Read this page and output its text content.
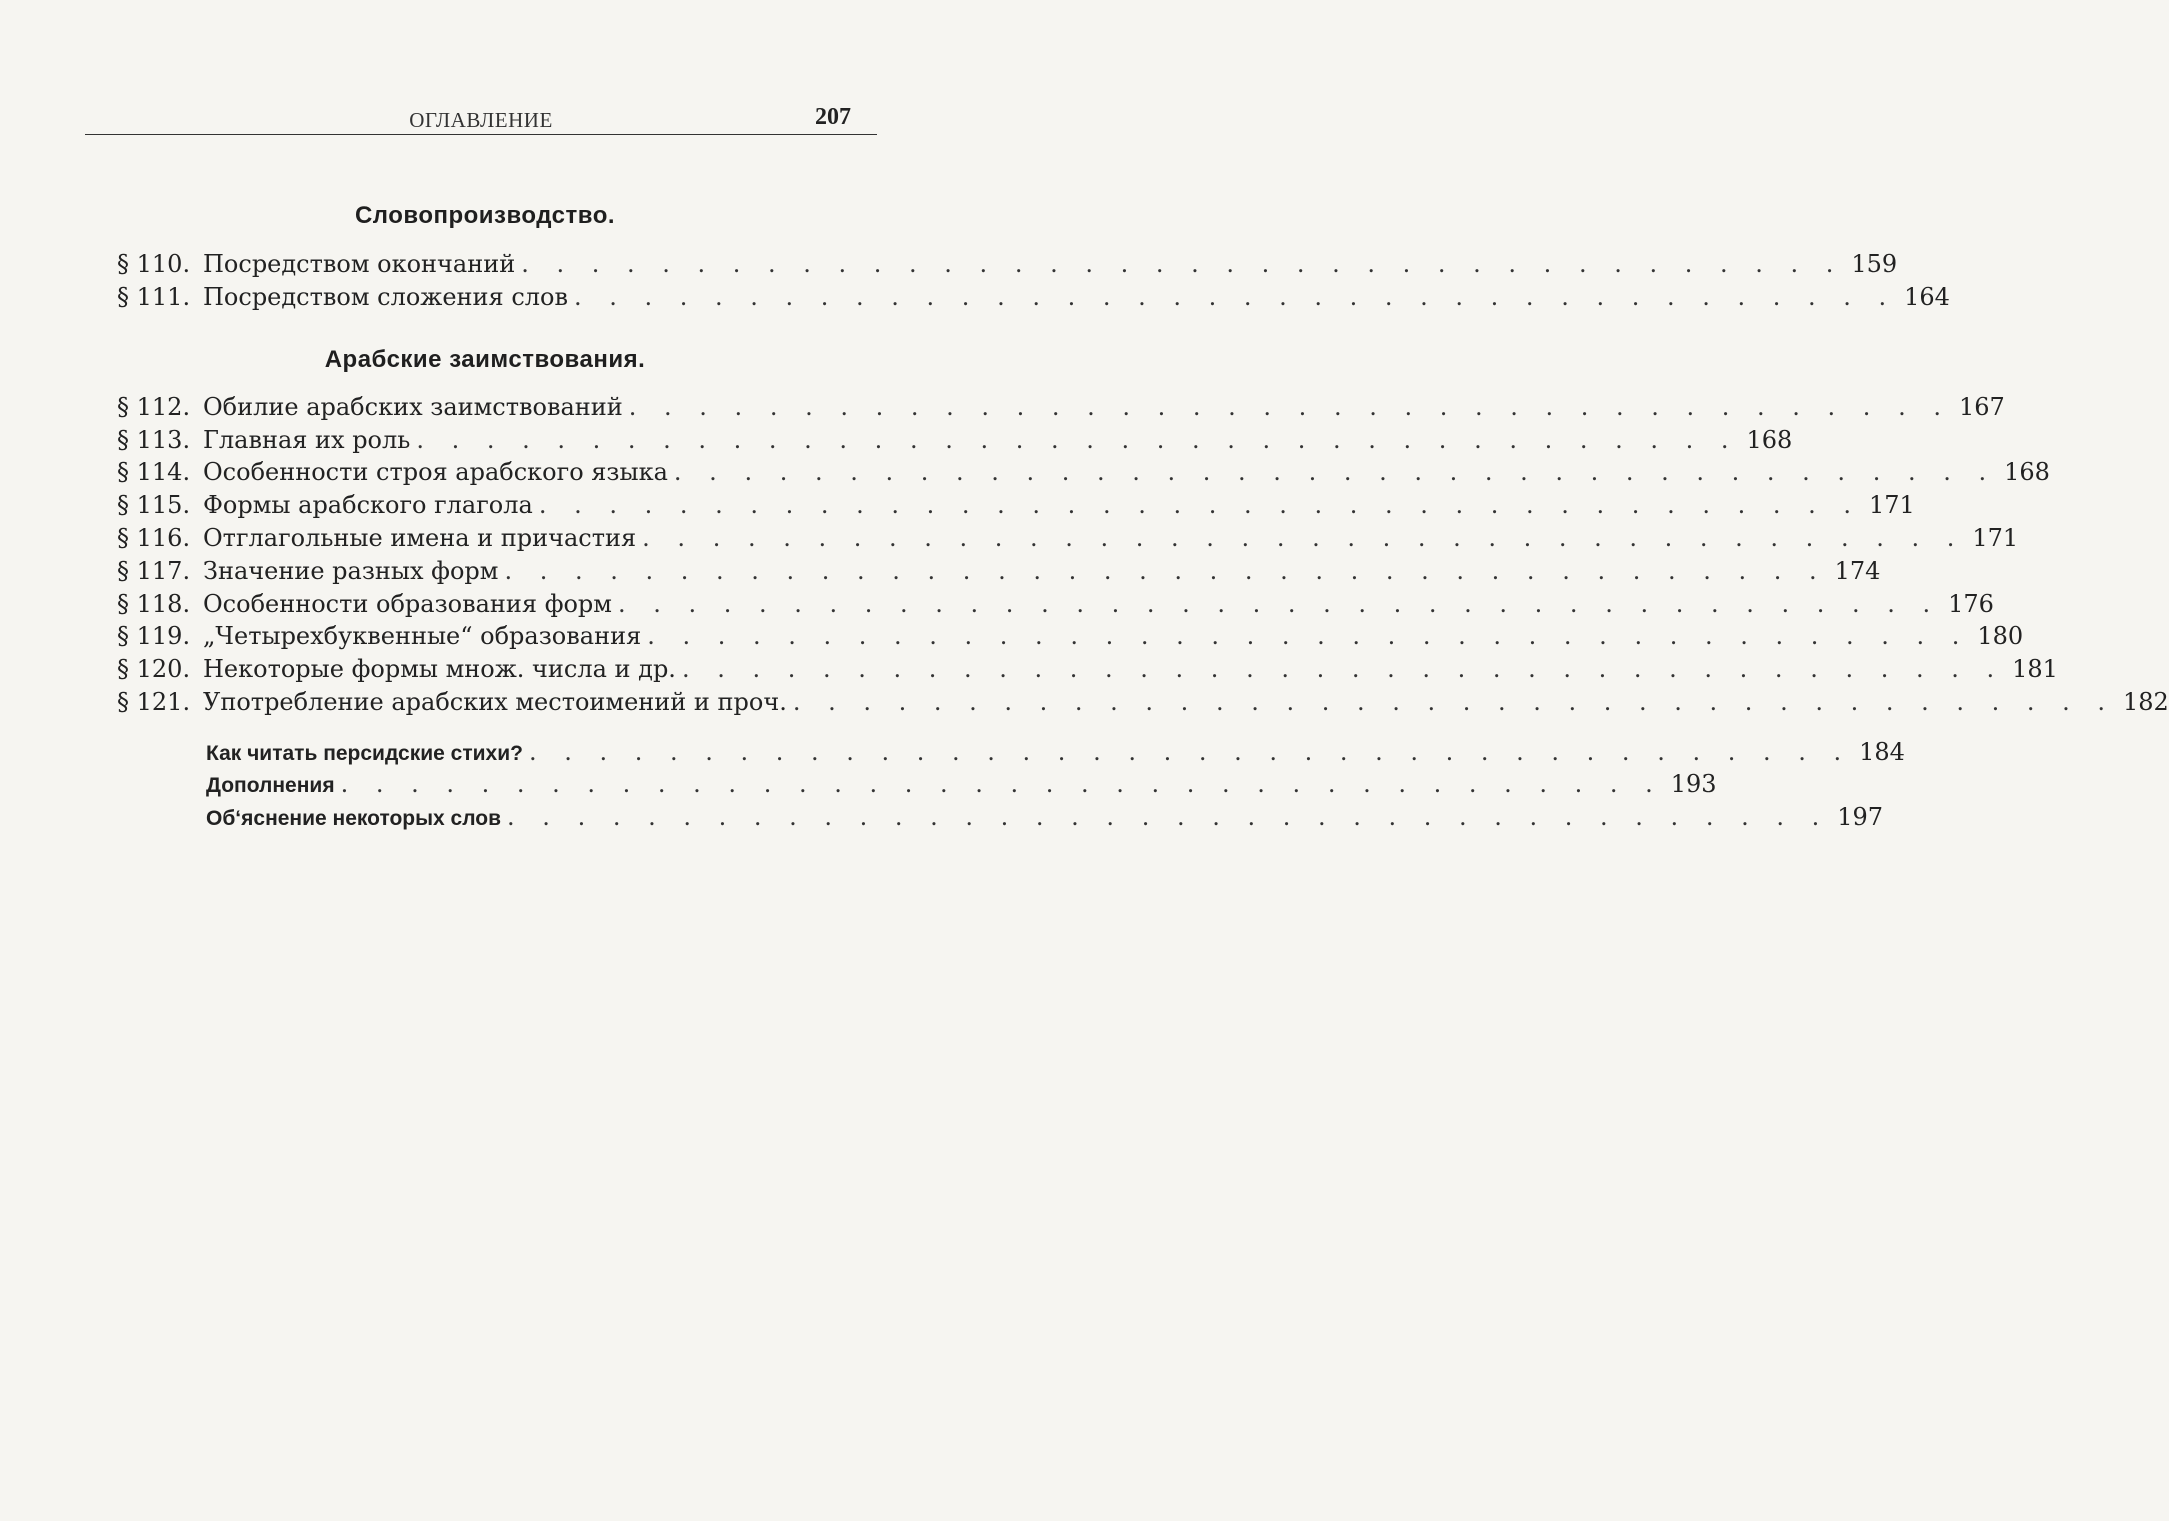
ОГЛАВЛЕНИЕ	207
Словопроизводство.
§ 110. Посредством окончаний . . . . . . . . . . . . . . . . . . . . . . . . . . . . . . . . . . . . . . 159
§ 111. Посредством сложения слов . . . . . . . . . . . . . . . . . . . . . . . . . . . . . . . . . . . . . . 164
Арабские заимствования.
§ 112. Обилие арабских заимствований . . . . . . . . . . . . . . . . . . . . . . . . . . . . . . . . . . . . . . 167
§ 113. Главная их роль . . . . . . . . . . . . . . . . . . . . . . . . . . . . . . . . . . . . . . 168
§ 114. Особенности строя арабского языка . . . . . . . . . . . . . . . . . . . . . . . . . . . . . . . . . . . . . . 168
§ 115. Формы арабского глагола . . . . . . . . . . . . . . . . . . . . . . . . . . . . . . . . . . . . . . 171
§ 116. Отглагольные имена и причастия . . . . . . . . . . . . . . . . . . . . . . . . . . . . . . . . . . . . . . 171
§ 117. Значение разных форм . . . . . . . . . . . . . . . . . . . . . . . . . . . . . . . . . . . . . . 174
§ 118. Особенности образования форм . . . . . . . . . . . . . . . . . . . . . . . . . . . . . . . . . . . . . . 176
§ 119. „Четырехбуквенные“ образования . . . . . . . . . . . . . . . . . . . . . . . . . . . . . . . . . . . . . . 180
§ 120. Некоторые формы множ. числа и др. . . . . . . . . . . . . . . . . . . . . . . . . . . . . . . . . . . . . . . 181
§ 121. Употребление арабских местоимений и проч. . . . . . . . . . . . . . . . . . . . . . . . . . . . . . . . . . . . . . . 182
Как читать персидские стихи? . . . . . . . . . . . . . . . . . . . . . . . . . . . . . . . . . . . . . . 184
Дополнения . . . . . . . . . . . . . . . . . . . . . . . . . . . . . . . . . . . . . . 193
Об‘яснение некоторых слов . . . . . . . . . . . . . . . . . . . . . . . . . . . . . . . . . . . . . . 197
